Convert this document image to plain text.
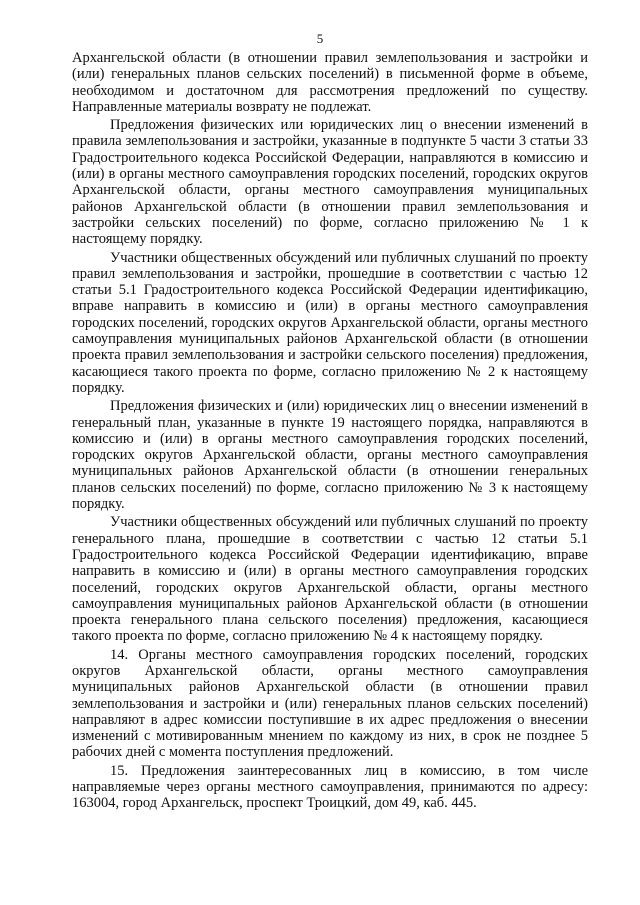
5

Архангельской области (в отношении правил землепользования и застройки и (или) генеральных планов сельских поселений) в письменной форме в объеме, необходимом и достаточном для рассмотрения предложений по существу. Направленные материалы возврату не подлежат.

Предложения физических или юридических лиц о внесении изменений в правила землепользования и застройки, указанные в подпункте 5 части 3 статьи 33 Градостроительного кодекса Российской Федерации, направляются в комиссию и (или) в органы местного самоуправления городских поселений, городских округов Архангельской области, органы местного самоуправления муниципальных районов Архангельской области (в отношении правил землепользования и застройки сельских поселений) по форме, согласно приложению № 1 к настоящему порядку.

Участники общественных обсуждений или публичных слушаний по проекту правил землепользования и застройки, прошедшие в соответствии с частью 12 статьи 5.1 Градостроительного кодекса Российской Федерации идентификацию, вправе направить в комиссию и (или) в органы местного самоуправления городских поселений, городских округов Архангельской области, органы местного самоуправления муниципальных районов Архангельской области (в отношении проекта правил землепользования и застройки сельского поселения) предложения, касающиеся такого проекта по форме, согласно приложению № 2 к настоящему порядку.

Предложения физических и (или) юридических лиц о внесении изменений в генеральный план, указанные в пункте 19 настоящего порядка, направляются в комиссию и (или) в органы местного самоуправления городских поселений, городских округов Архангельской области, органы местного самоуправления муниципальных районов Архангельской области (в отношении генеральных планов сельских поселений) по форме, согласно приложению № 3 к настоящему порядку.

Участники общественных обсуждений или публичных слушаний по проекту генерального плана, прошедшие в соответствии с частью 12 статьи 5.1 Градостроительного кодекса Российской Федерации идентификацию, вправе направить в комиссию и (или) в органы местного самоуправления городских поселений, городских округов Архангельской области, органы местного самоуправления муниципальных районов Архангельской области (в отношении проекта генерального плана сельского поселения) предложения, касающиеся такого проекта по форме, согласно приложению № 4 к настоящему порядку.

14. Органы местного самоуправления городских поселений, городских округов Архангельской области, органы местного самоуправления муниципальных районов Архангельской области (в отношении правил землепользования и застройки и (или) генеральных планов сельских поселений) направляют в адрес комиссии поступившие в их адрес предложения о внесении изменений с мотивированным мнением по каждому из них, в срок не позднее 5 рабочих дней с момента поступления предложений.

15. Предложения заинтересованных лиц в комиссию, в том числе направляемые через органы местного самоуправления, принимаются по адресу: 163004, город Архангельск, проспект Троицкий, дом 49, каб. 445.
